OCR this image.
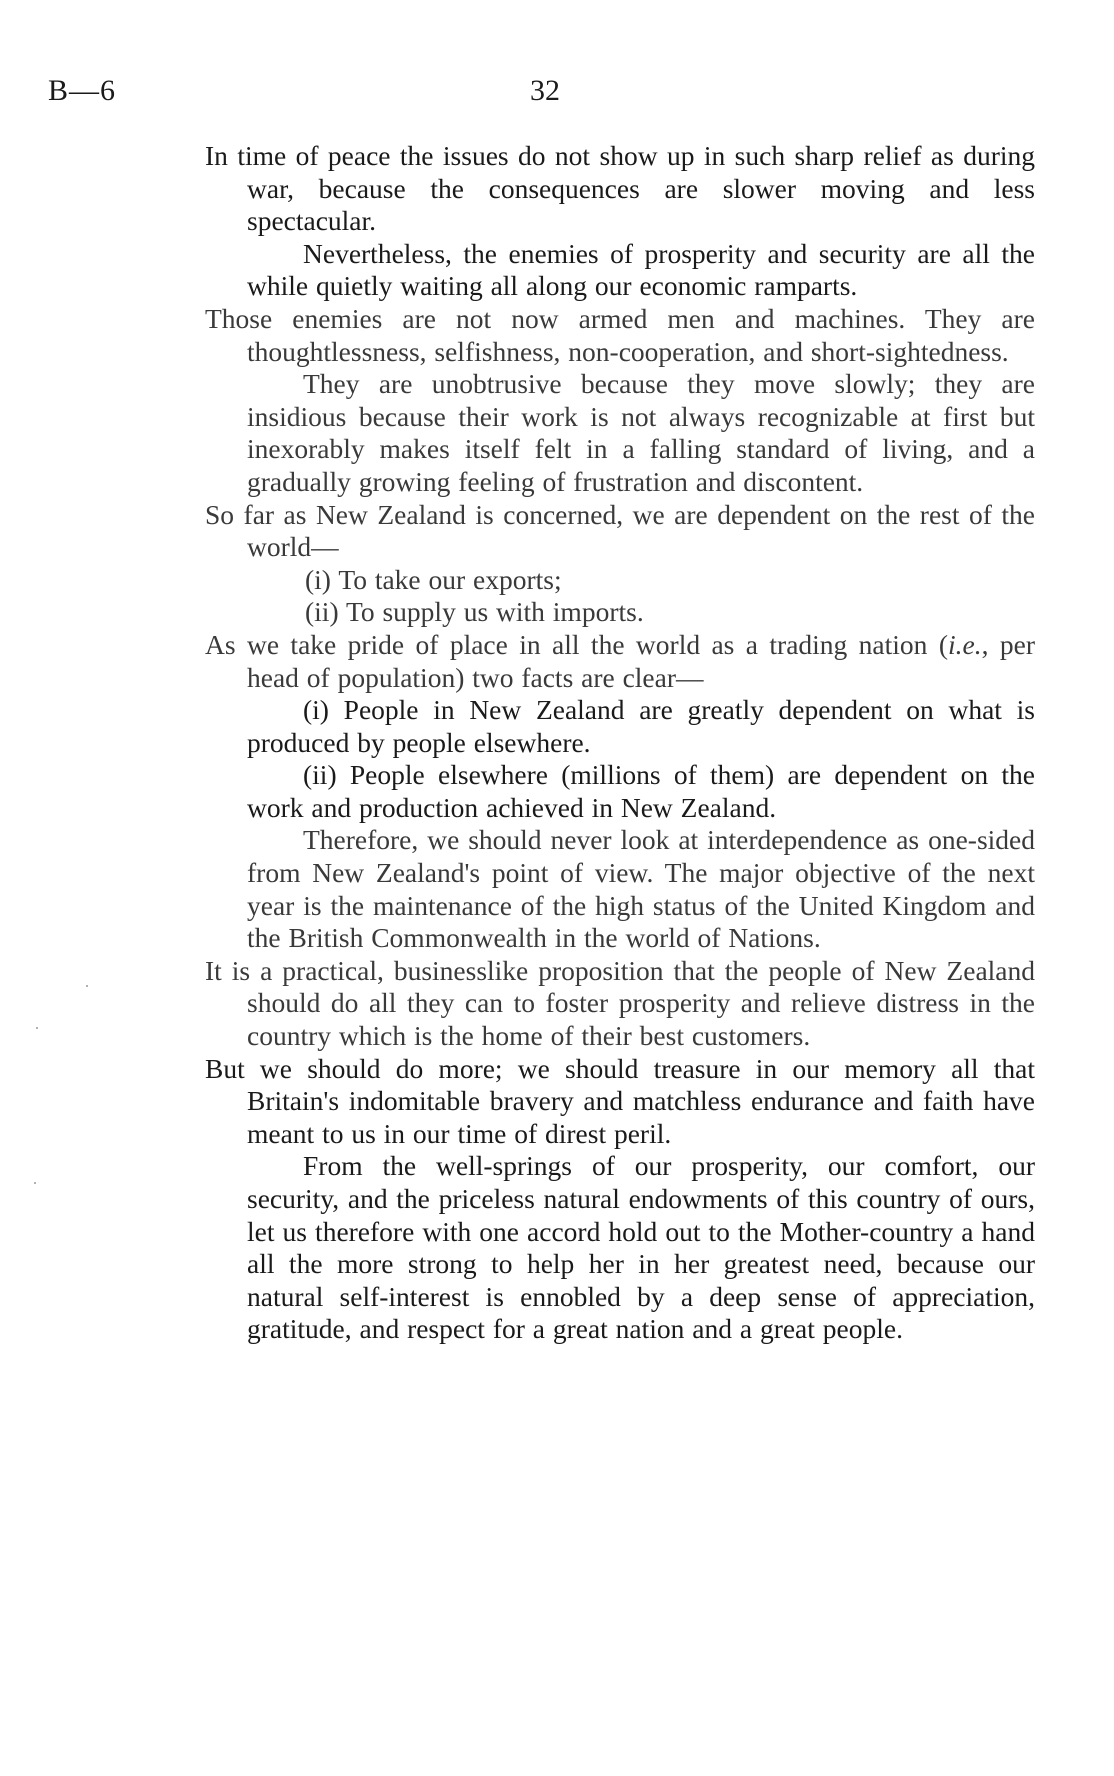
B—6	32

In time of peace the issues do not show up in such sharp relief as during war, because the consequences are slower moving and less spectacular.

Nevertheless, the enemies of prosperity and security are all the while quietly waiting all along our economic ramparts.

Those enemies are not now armed men and machines. They are thoughtlessness, selfishness, non-cooperation, and short-sightedness.

They are unobtrusive because they move slowly; they are insidious because their work is not always recognizable at first but inexorably makes itself felt in a falling standard of living, and a gradually growing feeling of frustration and discontent.

So far as New Zealand is concerned, we are dependent on the rest of the world—

(i) To take our exports;

(ii) To supply us with imports.

As we take pride of place in all the world as a trading nation (i.e., per head of population) two facts are clear—

(i) People in New Zealand are greatly dependent on what is produced by people elsewhere.

(ii) People elsewhere (millions of them) are dependent on the work and production achieved in New Zealand.

Therefore, we should never look at interdependence as one-sided from New Zealand's point of view. The major objective of the next year is the maintenance of the high status of the United Kingdom and the British Commonwealth in the world of Nations.

It is a practical, businesslike proposition that the people of New Zealand should do all they can to foster prosperity and relieve distress in the country which is the home of their best customers.

But we should do more; we should treasure in our memory all that Britain's indomitable bravery and matchless endurance and faith have meant to us in our time of direst peril.

From the well-springs of our prosperity, our comfort, our security, and the priceless natural endowments of this country of ours, let us therefore with one accord hold out to the Mother-country a hand all the more strong to help her in her greatest need, because our natural self-interest is ennobled by a deep sense of appreciation, gratitude, and respect for a great nation and a great people.
